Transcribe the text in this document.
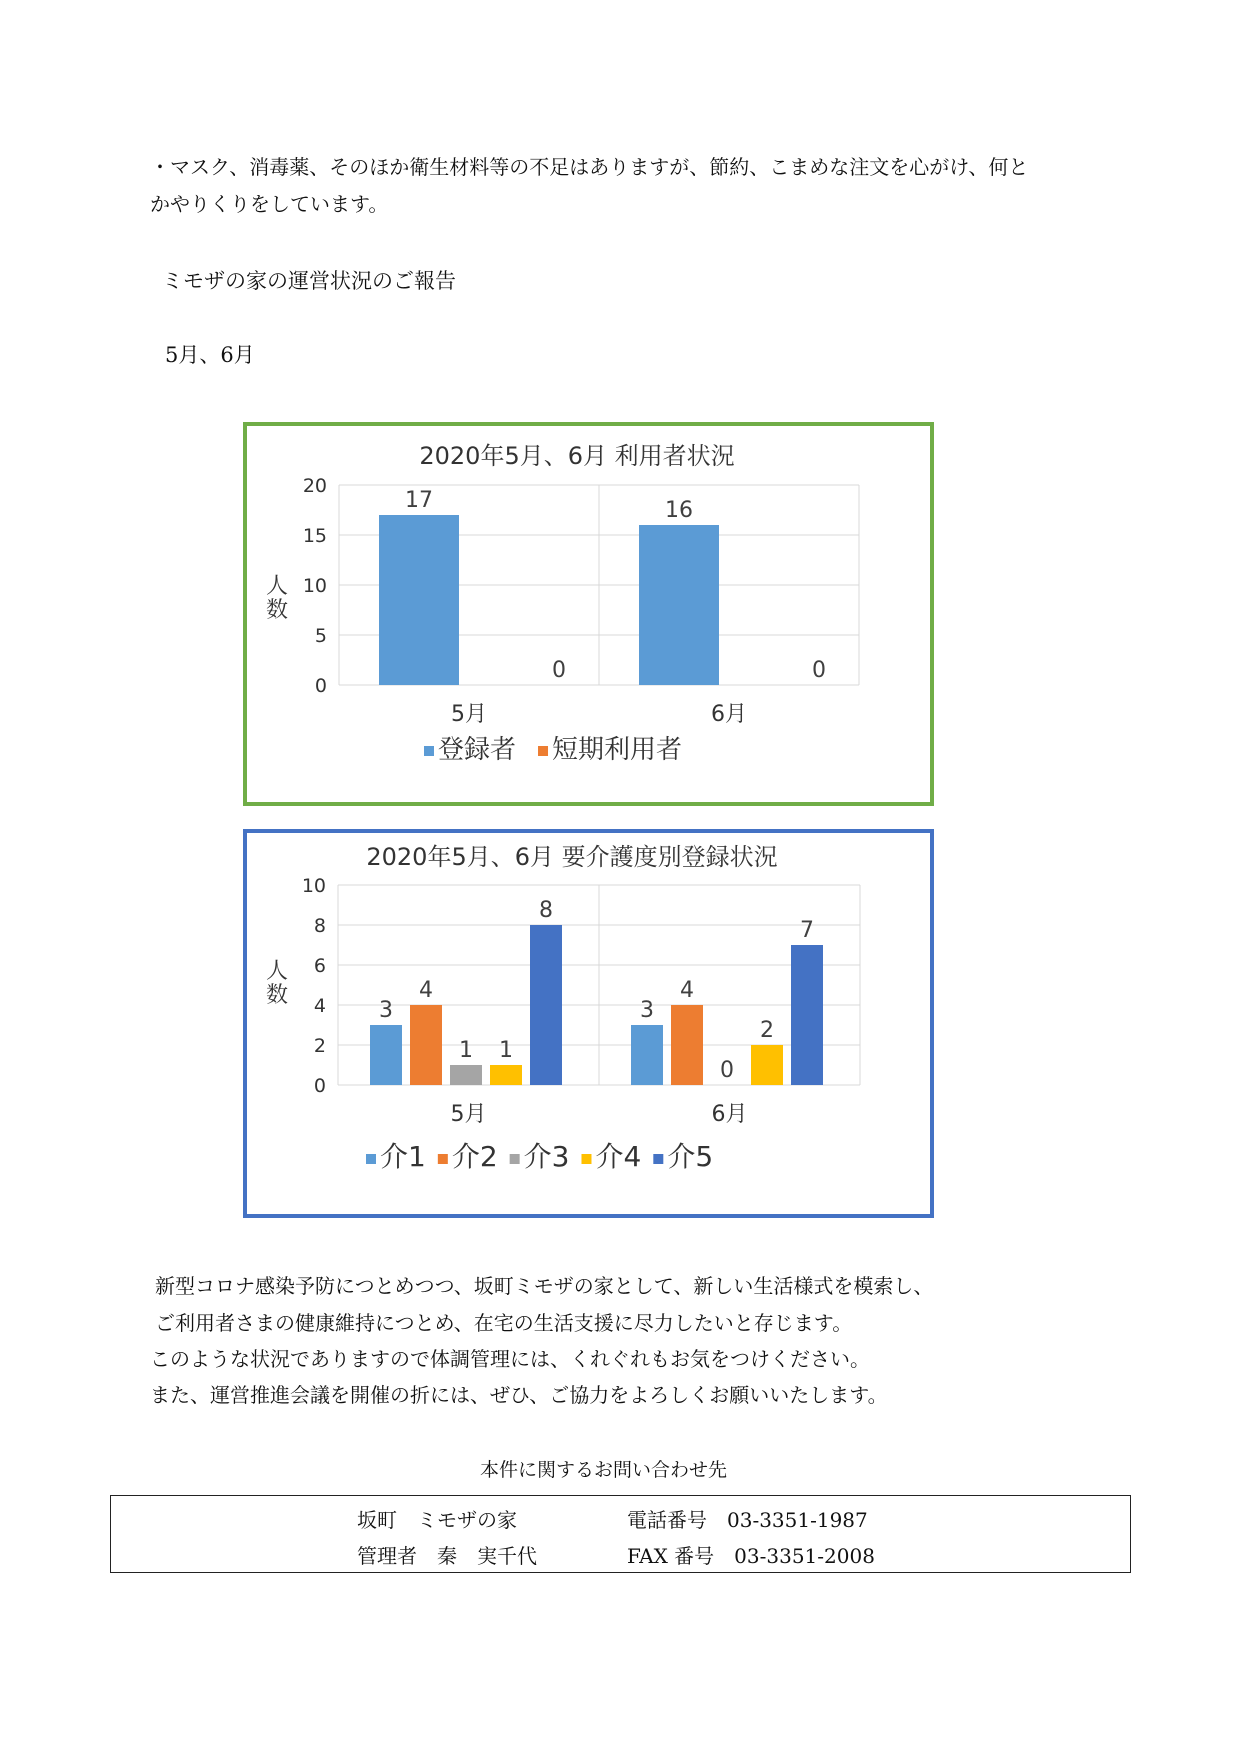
・マスク、消毒薬、そのほか衛生材料等の不足はありますが、節約、こまめな注文を心がけ、何と
かやりくりをしています。
ミモザの家の運営状況のご報告
5月、6月
2020年5月、6月 利用者状況
0
5
10
15
20
人
数
17
0
5月
16
0
6月
登録者 短期利用者
2020年5月、6月 要介護度別登録状況
0
2
4
6
8
10
人
数
3
4
1 1
8
5月
3
4
0
2
7
6月
介1 介2 介3 介4 介5
新型コロナ感染予防につとめつつ、坂町ミモザの家として、新しい生活様式を模索し、
ご利用者さまの健康維持につとめ、在宅の生活支援に尽力したいと存じます。
このような状況でありますので体調管理には、くれぐれもお気をつけください。
また、運営推進会議を開催の折には、ぜひ、ご協力をよろしくお願いいたします。
本件に関するお問い合わせ先
坂町　ミモザの家	電話番号　03-3351-1987
管理者　秦　実千代	FAX 番号　03-3351-2008
